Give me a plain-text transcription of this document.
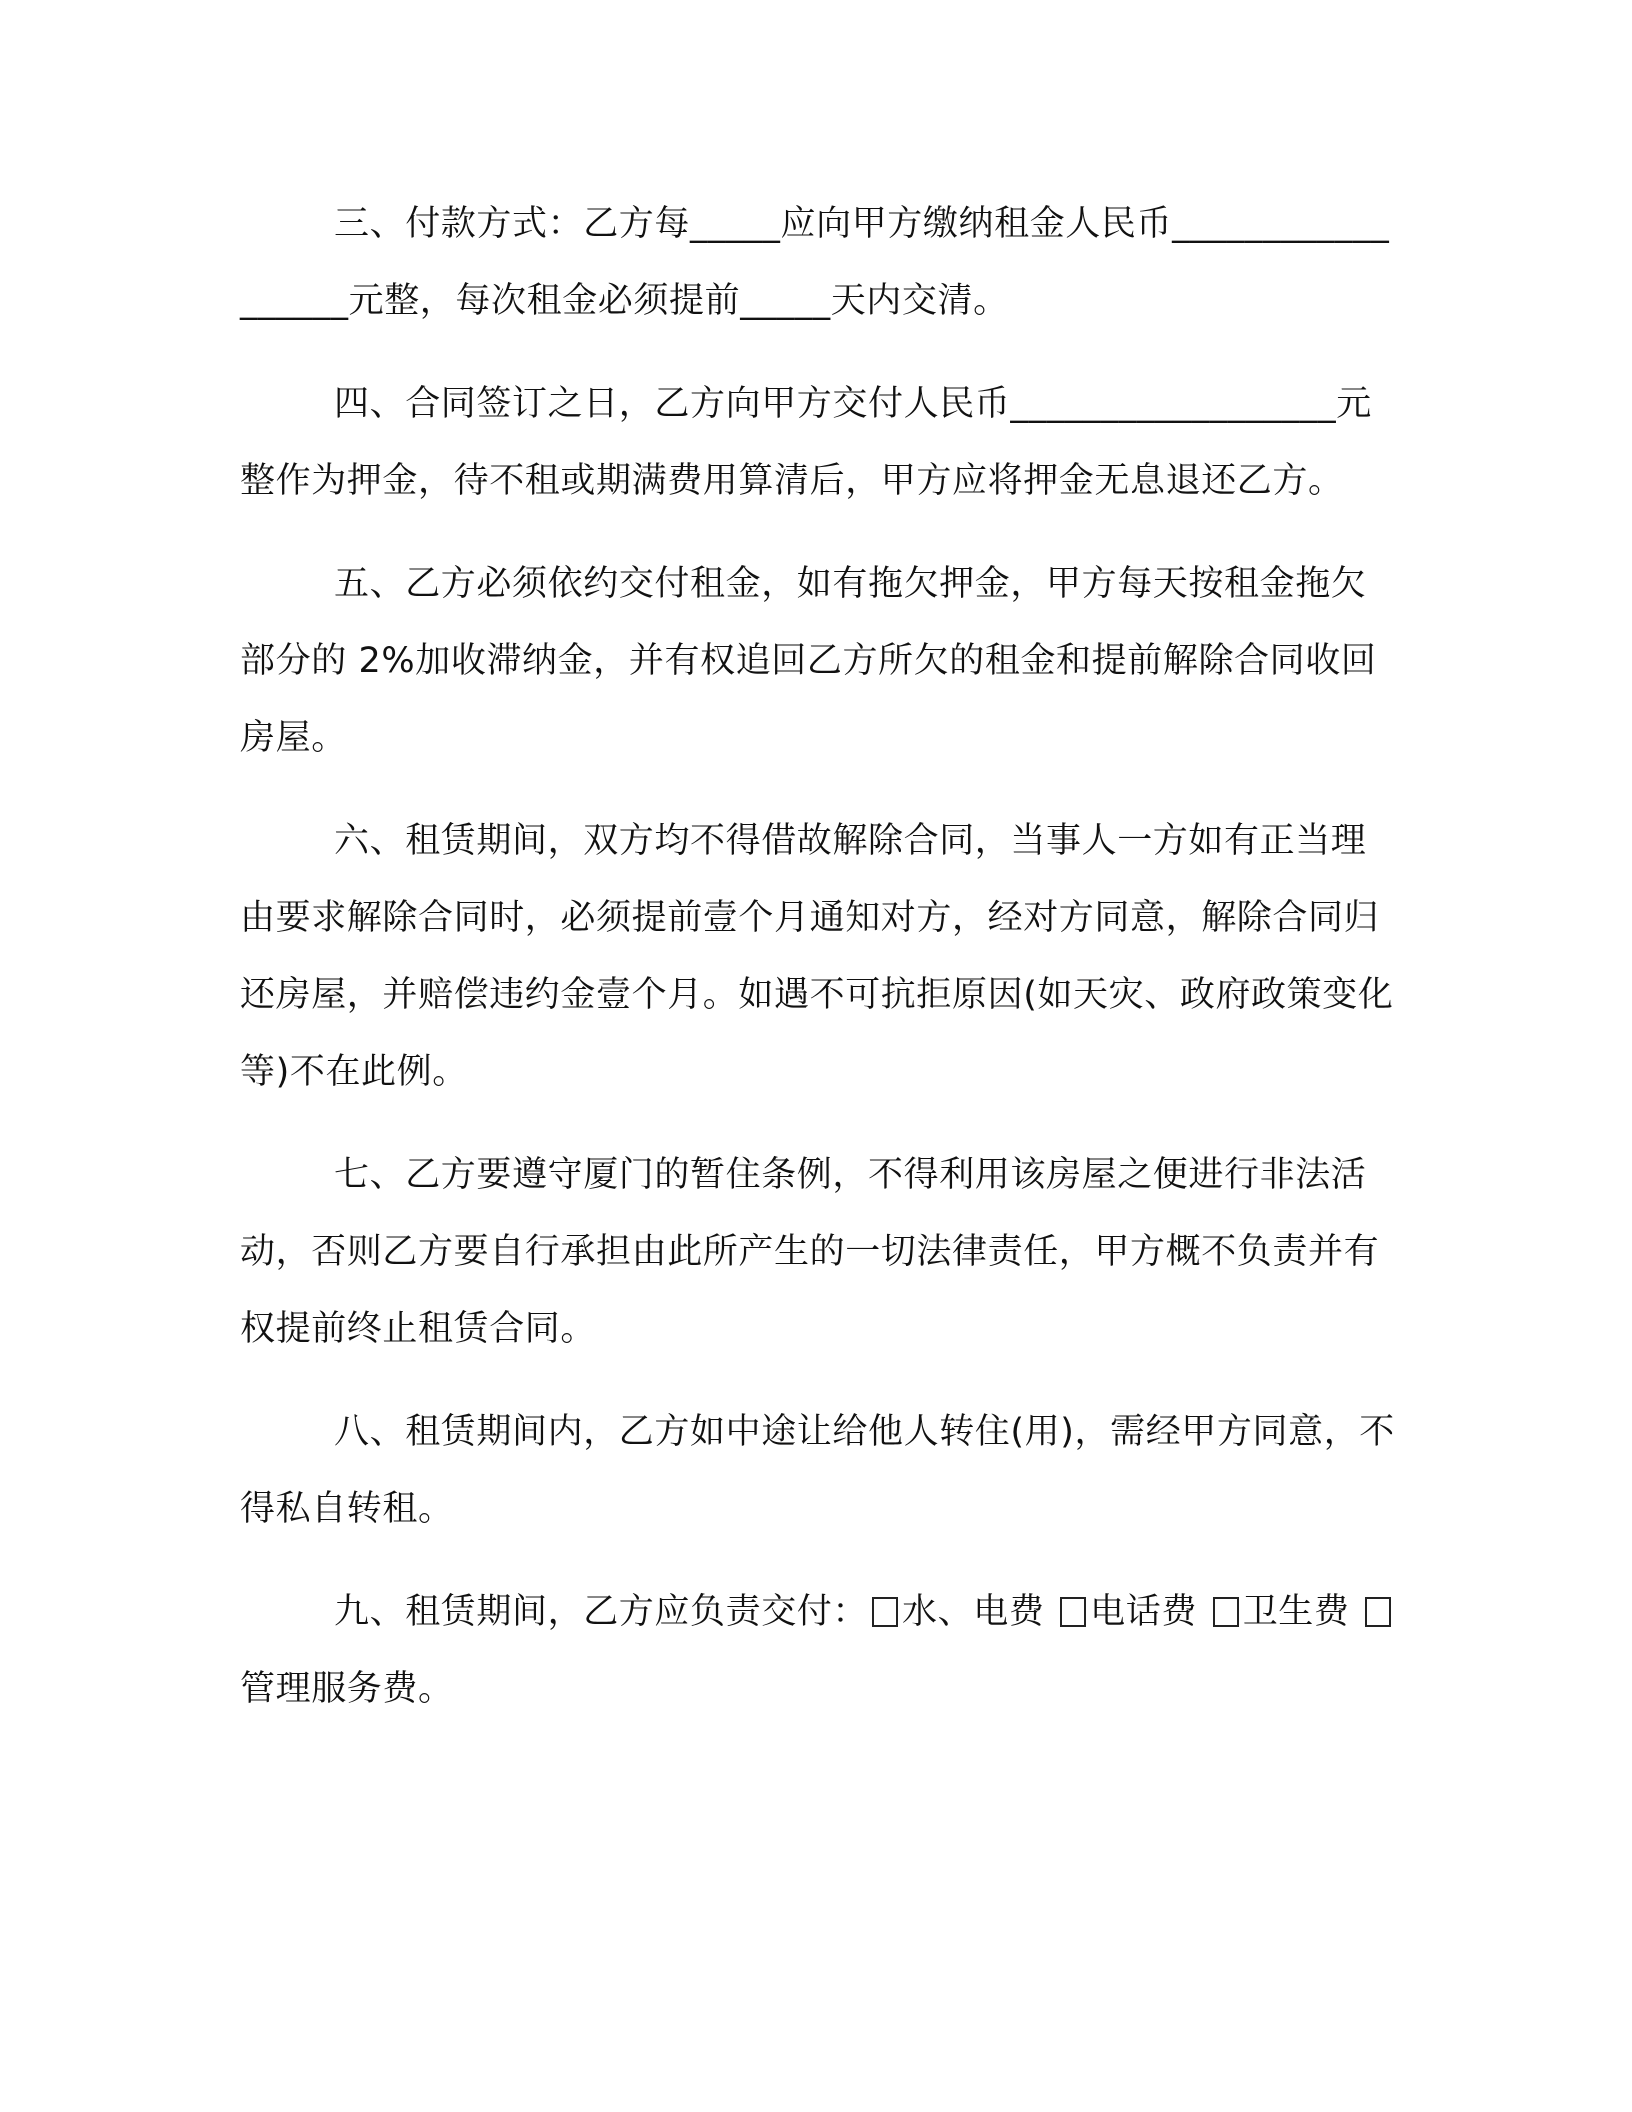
三、付款方式：乙方每_____应向甲方缴纳租金人民币__________________元整，每次租金必须提前_____天内交清。

四、合同签订之日，乙方向甲方交付人民币__________________元整作为押金，待不租或期满费用算清后，甲方应将押金无息退还乙方。

五、乙方必须依约交付租金，如有拖欠押金，甲方每天按租金拖欠部分的 2%加收滞纳金，并有权追回乙方所欠的租金和提前解除合同收回房屋。

六、租赁期间，双方均不得借故解除合同，当事人一方如有正当理由要求解除合同时，必须提前壹个月通知对方，经对方同意，解除合同归还房屋，并赔偿违约金壹个月。如遇不可抗拒原因(如天灾、政府政策变化等)不在此例。

七、乙方要遵守厦门的暂住条例，不得利用该房屋之便进行非法活动，否则乙方要自行承担由此所产生的一切法律责任，甲方概不负责并有权提前终止租赁合同。

八、租赁期间内，乙方如中途让给他人转住(用)，需经甲方同意，不得私自转租。

九、租赁期间，乙方应负责交付： 水、电费 电话费 卫生费 管理服务费。
